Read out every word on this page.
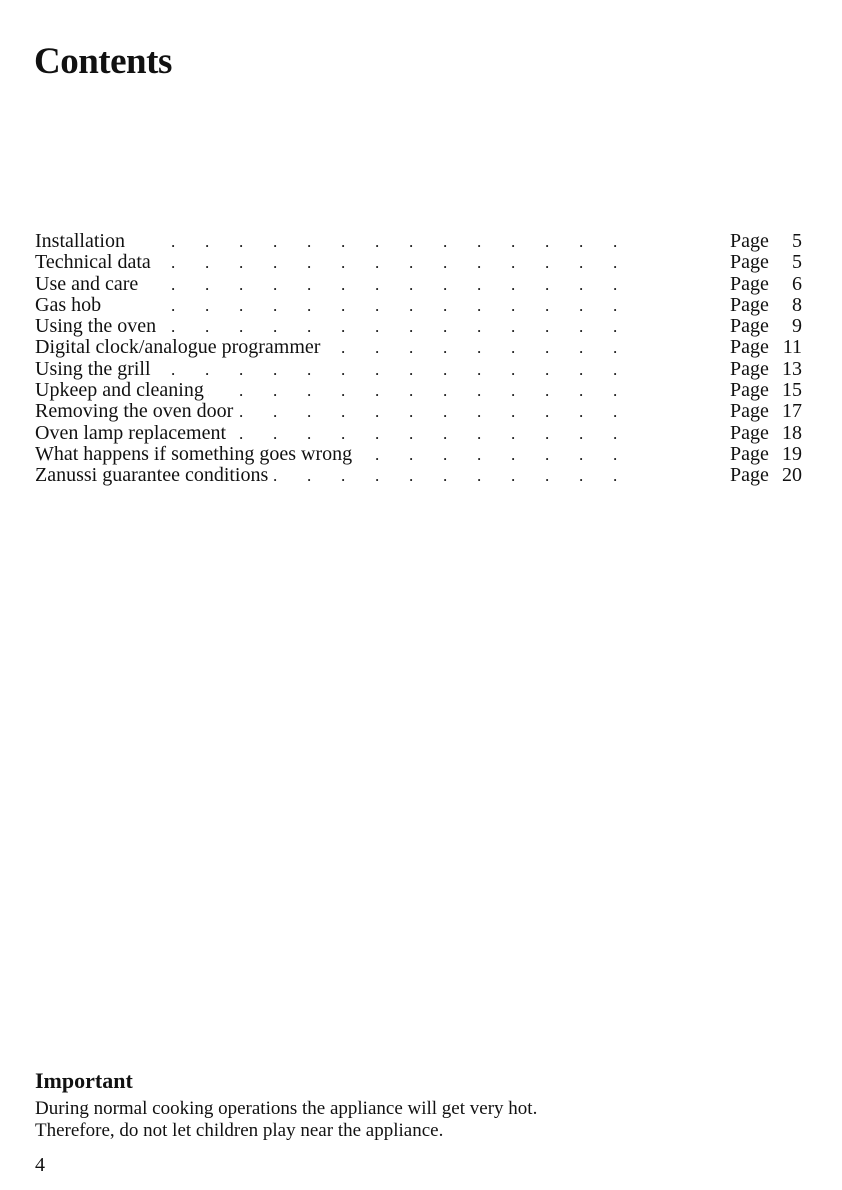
Contents
Installation .	Page 5
Technical data .	Page 5
Use and care .	Page 6
Gas hob .	Page 8
Using the oven .	Page 9
Digital clock/analogue programmer .	Page 11
Using the grill .	Page 13
Upkeep and cleaning .	Page 15
Removing the oven door .	Page 17
Oven lamp replacement .	Page 18
What happens if something goes wrong .	Page 19
Zanussi guarantee conditions .	Page 20
Important

During normal cooking operations the appliance will get very hot.

Therefore, do not let children play near the appliance.

4
